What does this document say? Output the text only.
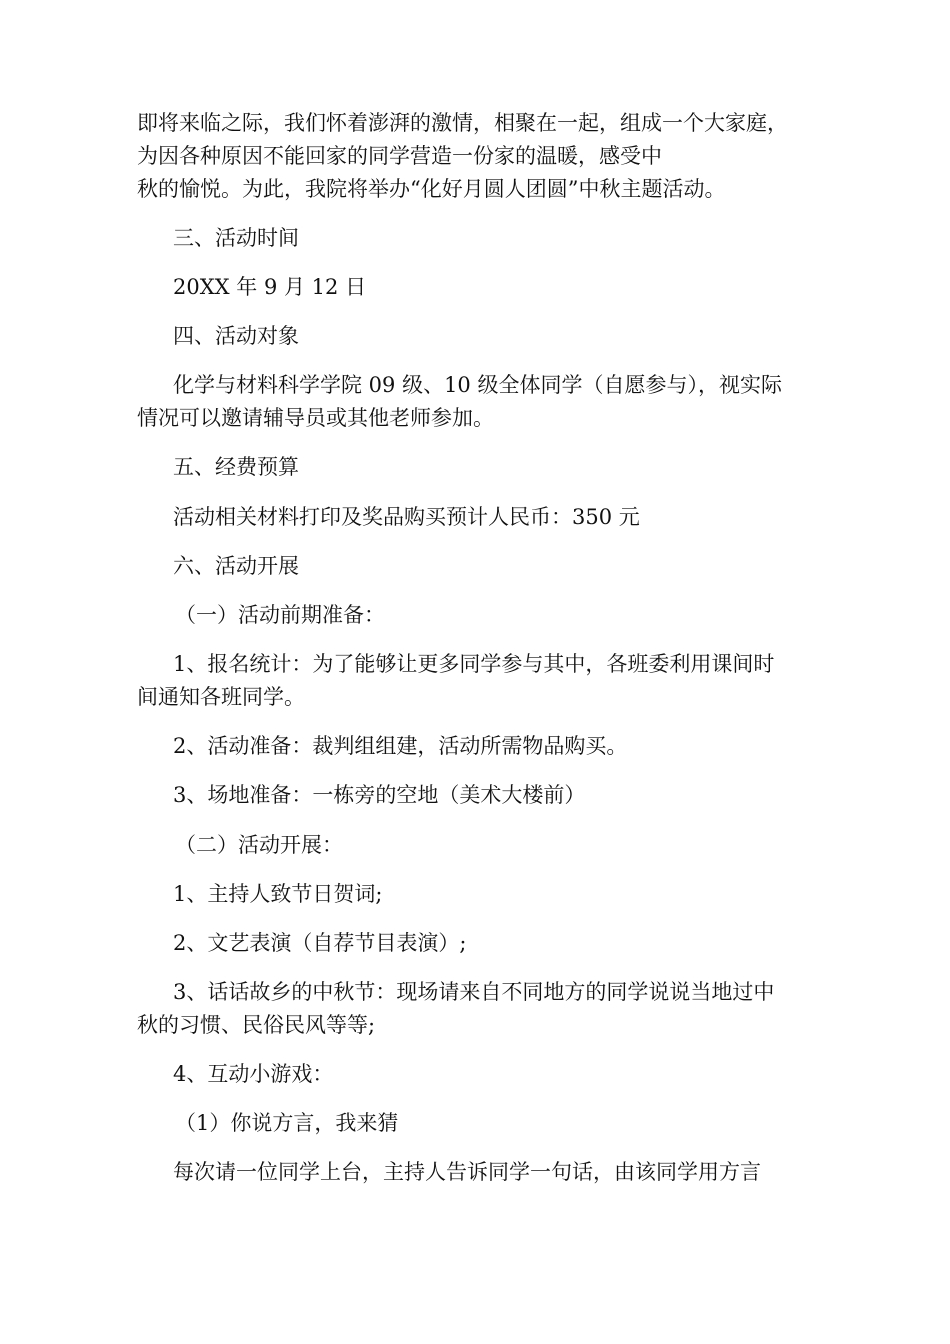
即将来临之际，我们怀着澎湃的激情，相聚在一起，组成一个大家庭，
为因各种原因不能回家的同学营造一份家的温暖，感受中
秋的愉悦。为此，我院将举办“化好月圆人团圆”中秋主题活动。
三、活动时间
20XX 年 9 月 12 日
四、活动对象
化学与材料科学学院 09 级、10 级全体同学（自愿参与），视实际
情况可以邀请辅导员或其他老师参加。
五、经费预算
活动相关材料打印及奖品购买预计人民币：350 元
六、活动开展
（一）活动前期准备：
1、报名统计：为了能够让更多同学参与其中，各班委利用课间时
间通知各班同学。
2、活动准备：裁判组组建，活动所需物品购买。
3、场地准备：一栋旁的空地（美术大楼前）
（二）活动开展：
1、主持人致节日贺词;
2、文艺表演（自荐节目表演）;
3、话话故乡的中秋节：现场请来自不同地方的同学说说当地过中
秋的习惯、民俗民风等等;
4、互动小游戏：
（1）你说方言，我来猜
每次请一位同学上台，主持人告诉同学一句话，由该同学用方言
